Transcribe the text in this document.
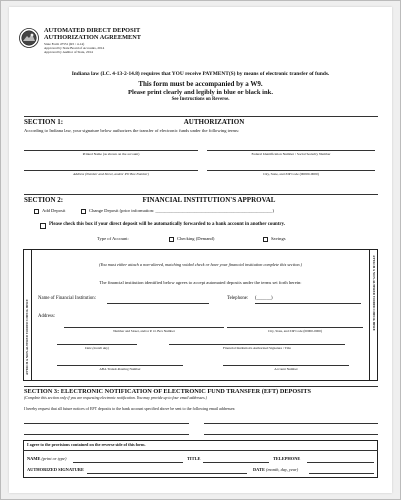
AUTOMATED DIRECT DEPOSIT
AUTHORIZATION AGREEMENT
State Form 47551 (R5 / 4-14)
Approved by State Board of Accounts, 2014
Approved by Auditor of State, 2014
Indiana law (I.C. 4-13-2-14.8) requires that YOU receive PAYMENT(S) by means of electronic transfer of funds.
This form must be accompanied by a W9.
Please print clearly and legibly in blue or black ink.
See Instructions on Reverse.
SECTION 1:	AUTHORIZATION
According to Indiana law, your signature below authorizes the transfer of electronic funds under the following terms:
Printed Name (as shown on the account)	Federal Identification Number / Social Security Number
Address (Number and Street, and/or PO Box Number)	City, State, and ZIP Code (00000-0000)
SECTION 2:	FINANCIAL INSTITUTION'S APPROVAL
Add Deposit	Change Deposit (prior information: ___________________________________________________)
Please check this box if your direct deposit will be automatically forwarded to a bank account in another country.
Type of Account:	Checking (Demand)	Savings
ATTACH A NON-ALTERED VOIDED CHECK HERE
ATTACH A NON-ALTERED VOIDED CHECK HERE
(You must either attach a non-altered, matching voided check or have your financial institution complete this section.)
The financial institution identified below agrees to accept automated deposits under the terms set forth herein:
Name of Financial Institution:	Telephone: (______)
Address:
Number and Street, and/or P. O. Box Number	City, State, and ZIP Code (00000-0000)
Date (month day)	Financial Institution's Authorized Signature / Title
ABA Transit-Routing Number	Account Number
SECTION 3: ELECTRONIC NOTIFICATION OF ELECTRONIC FUND TRANSFER (EFT) DEPOSITS
(Complete this section only if you are requesting electronic notification. You may provide up to four email addresses.)
I hereby request that all future notices of EFT deposits to the bank account specified above be sent to the following email addresses:
I agree to the provisions contained on the reverse side of this form.
NAME (print or type)	TITLE	TELEPHONE
AUTHORIZED SIGNATURE	DATE (month, day, year)
